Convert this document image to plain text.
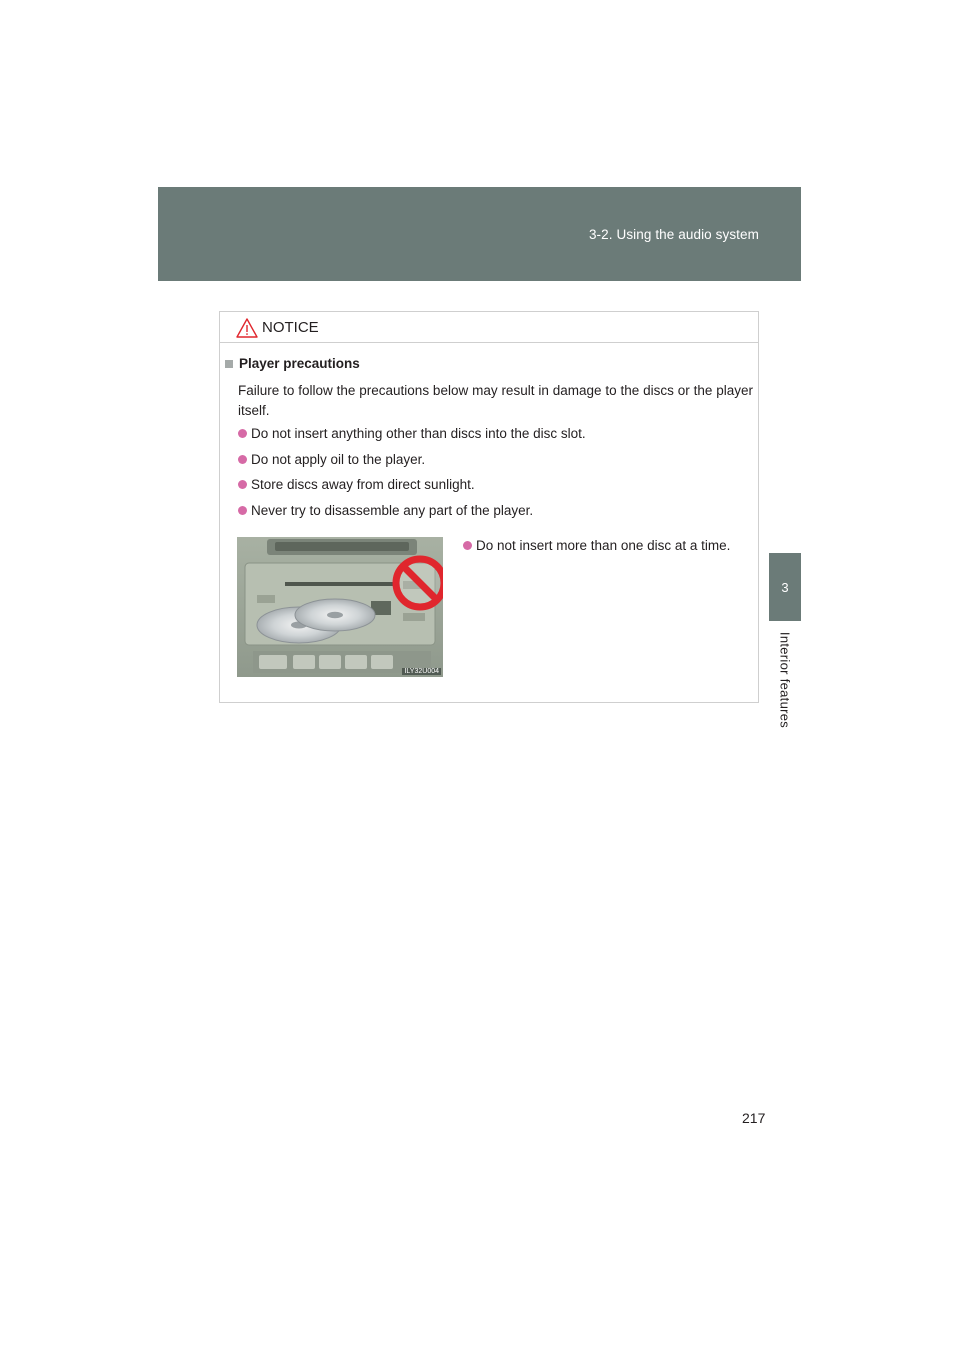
3-2. Using the audio system
3
Interior features
NOTICE
Player precautions
Failure to follow the precautions below may result in damage to the discs or the player itself.
Do not insert anything other than discs into the disc slot.
Do not apply oil to the player.
Store discs away from direct sunlight.
Never try to disassemble any part of the player.
ILY32U004
Do not insert more than one disc at a time.
217
